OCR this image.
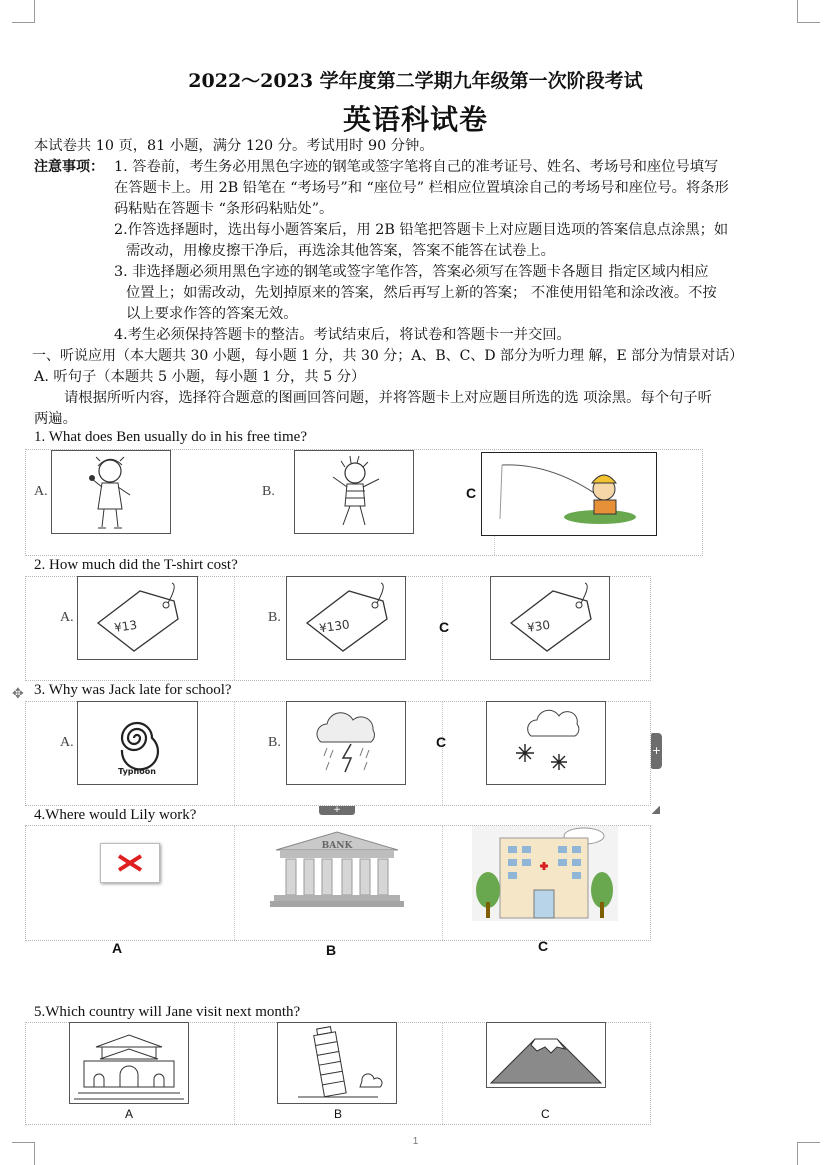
2022～2023 学年度第二学期九年级第一次阶段考试
英语科试卷
本试卷共 10 页，81 小题，满分 120 分。考试用时 90 分钟。
注意事项： 1. 答卷前，考生务必用黑色字迹的钢笔或签字笔将自己的准考证号、姓名、考场号和座位号填写
在答题卡上。用 2B 铅笔在 “考场号”和 “座位号” 栏相应位置填涂自己的考场号和座位号。将条形
码粘贴在答题卡 “条形码粘贴处”。
2.作答选择题时，选出每小题答案后，用 2B 铅笔把答题卡上对应题目选项的答案信息点涂黑；如
需改动，用橡皮擦干净后，再选涂其他答案，答案不能答在试卷上。
3. 非选择题必须用黑色字迹的钢笔或签字笔作答，答案必须写在答题卡各题目 指定区域内相应
位置上；如需改动，先划掉原来的答案，然后再写上新的答案； 不准使用铅笔和涂改液。不按
以上要求作答的答案无效。
4.考生必须保持答题卡的整洁。考试结束后，将试卷和答题卡一并交回。
一、听说应用（本大题共 30 小题，每小题 1 分，共 30 分；A、B、C、D 部分为听力理 解，E 部分为情景对话）
A. 听句子（本题共 5 小题，每小题 1 分，共 5 分）
请根据所听内容，选择符合题意的图画回答问题，并将答题卡上对应题目所选的选 项涂黑。每个句子听
两遍。
1. What does Ben usually do in his free time?
A.	B.	C
2. How much did the T-shirt cost?
A.
¥13
B.	¥130	C	¥30
✥ 3. Why was Jack late for school?
A.
Typhoon
B.	C
+
+
4.Where would Lily work?
BANK
A	B	C
5.Which country will Jane visit next month?
A	B	C
1
